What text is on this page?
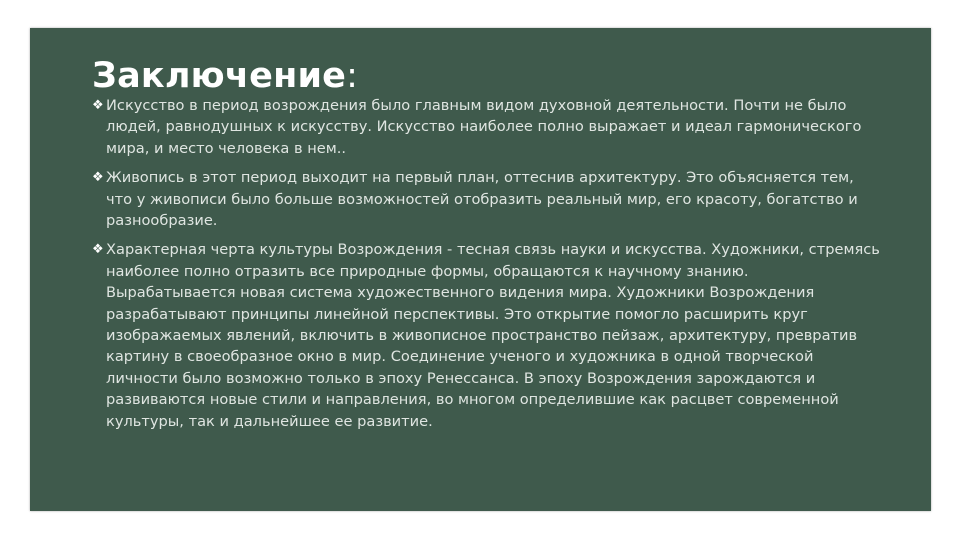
Заключение:
❖ Искусство в период возрождения было главным видом духовной деятельности. Почти не было людей, равнодушных к искусству. Искусство наиболее полно выражает и идеал гармонического мира, и место человека в нем..
❖ Живопись в этот период выходит на первый план, оттеснив архитектуру. Это объясняется тем, что у живописи было больше возможностей отобразить реальный мир, его красоту, богатство и разнообразие.
❖ Характерная черта культуры Возрождения - тесная связь науки и искусства. Художники, стремясь наиболее полно отразить все природные формы, обращаются к научному знанию. Вырабатывается новая система художественного видения мира. Художники Возрождения разрабатывают принципы линейной перспективы. Это открытие помогло расширить круг изображаемых явлений, включить в живописное пространство пейзаж, архитектуру, превратив картину в своеобразное окно в мир. Соединение ученого и художника в одной творческой личности было возможно только в эпоху Ренессанса. В эпоху Возрождения зарождаются и развиваются новые стили и направления, во многом определившие как расцвет современной культуры, так и дальнейшее ее развитие.
